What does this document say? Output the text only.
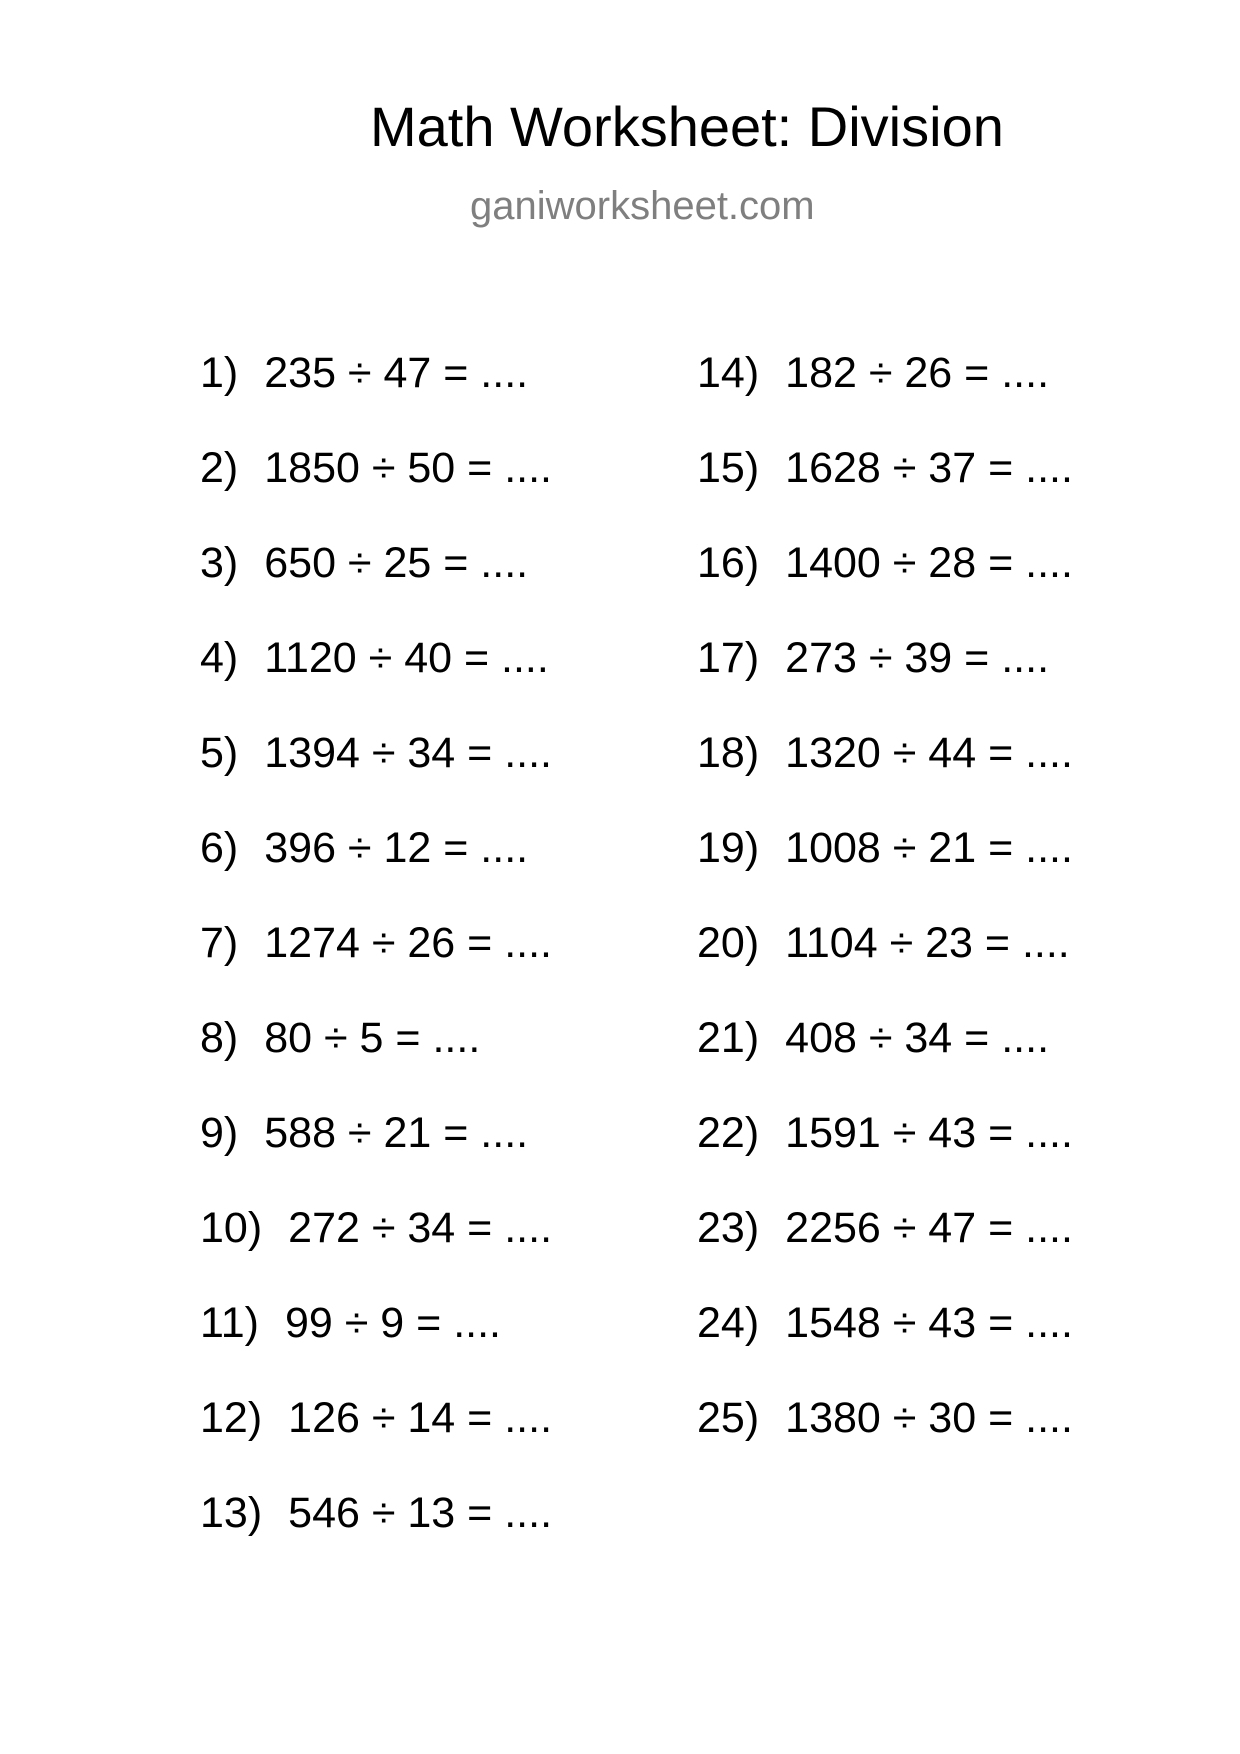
Math Worksheet: Division
ganiworksheet.com
1) 235 ÷ 47 = ....
2) 1850 ÷ 50 = ....
3) 650 ÷ 25 = ....
4) 1120 ÷ 40 = ....
5) 1394 ÷ 34 = ....
6) 396 ÷ 12 = ....
7) 1274 ÷ 26 = ....
8) 80 ÷ 5 = ....
9) 588 ÷ 21 = ....
10) 272 ÷ 34 = ....
11) 99 ÷ 9 = ....
12) 126 ÷ 14 = ....
13) 546 ÷ 13 = ....
14) 182 ÷ 26 = ....
15) 1628 ÷ 37 = ....
16) 1400 ÷ 28 = ....
17) 273 ÷ 39 = ....
18) 1320 ÷ 44 = ....
19) 1008 ÷ 21 = ....
20) 1104 ÷ 23 = ....
21) 408 ÷ 34 = ....
22) 1591 ÷ 43 = ....
23) 2256 ÷ 47 = ....
24) 1548 ÷ 43 = ....
25) 1380 ÷ 30 = ....
